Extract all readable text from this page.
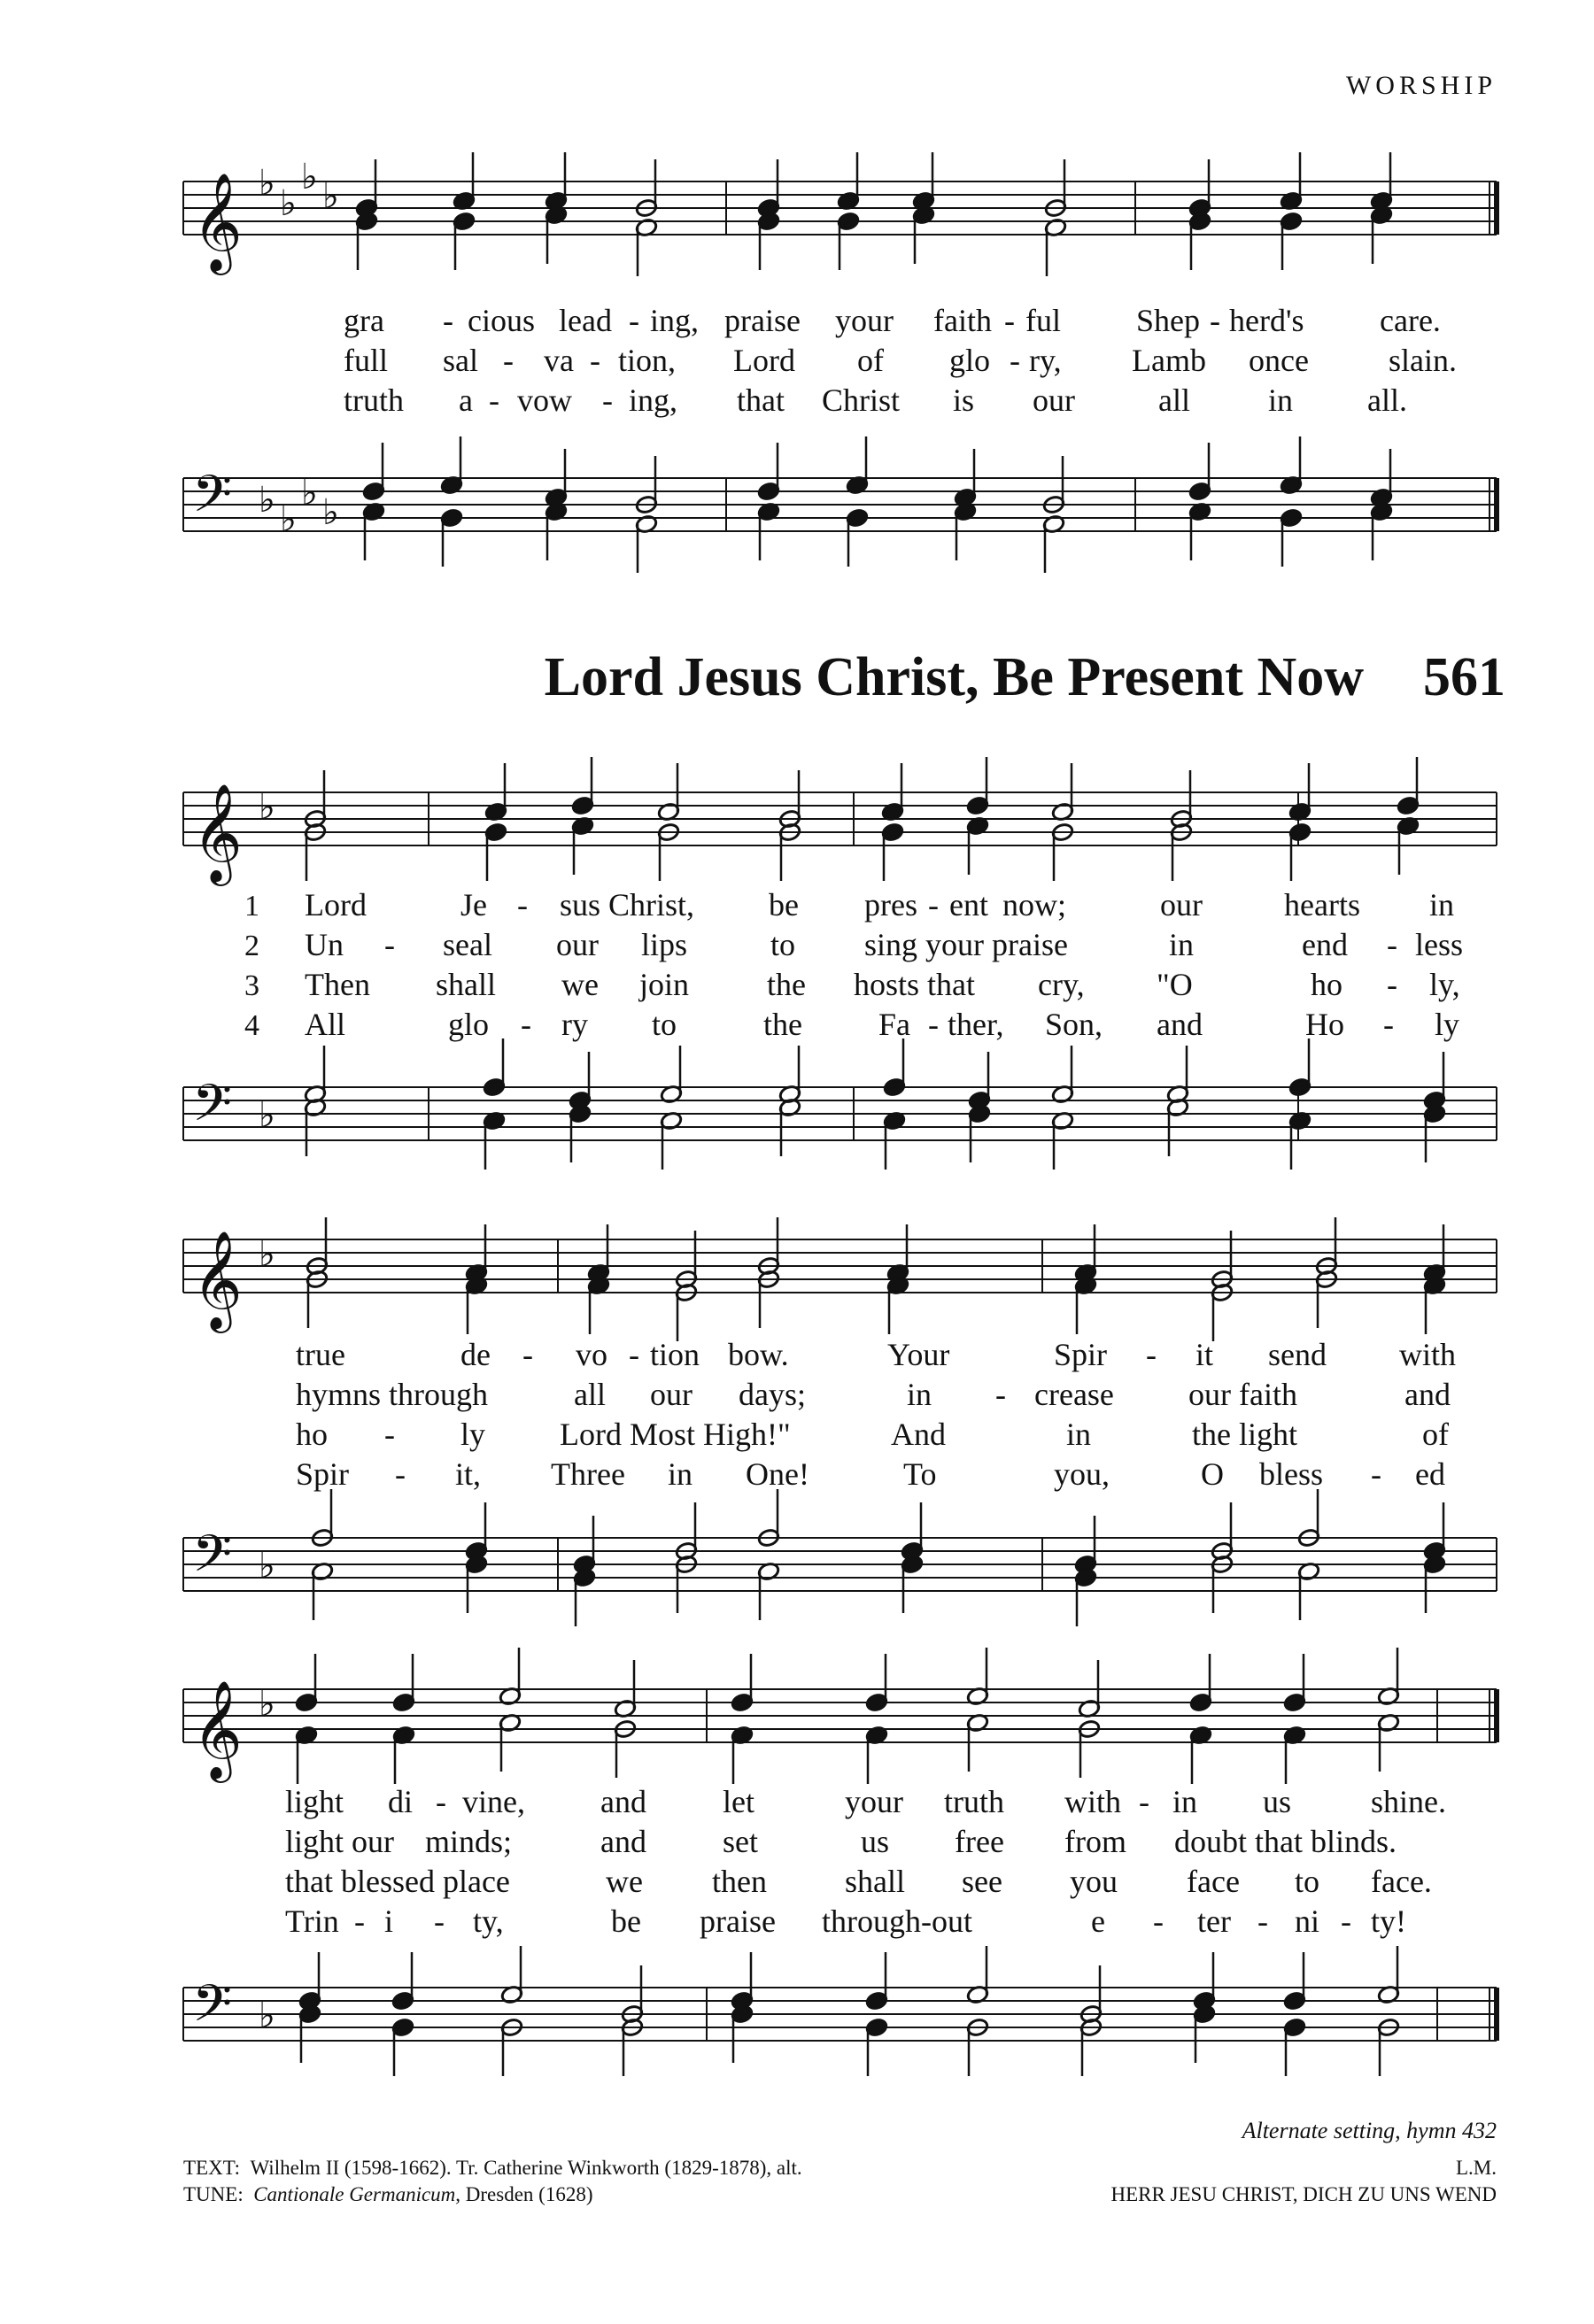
WORSHIP
𝄞 ♭ ♭
♭ ♭
𝄢 ♭ ♭
♭ ♭
𝄞 ♭
𝄢 ♭
𝄞 ♭
𝄢 ♭
𝄞 ♭
𝄢 ♭
gra - cious lead - ing, praise your faith - ful Shep - herd's care.
full sal - va - tion, Lord of glo - ry, Lamb once	slain.
truth a - vow - ing, that Christ is our	all in all.
Lord Jesus Christ, Be Present Now	561
1
2
3
4
Lord	Je - sus Christ, be pres - ent now;	our	hearts in
Un - seal our lips	to sing your praise	in	end - less
Then shall we join the hosts that cry, "O	ho - ly,
All	glo - ry to	the Fa - ther, Son, and	Ho - ly
true	de - vo - tion bow.	Your	Spir - it send with
hymns through	all our days;	in - crease our faith	and
ho - ly Lord Most High!"	And	in	the light	of
Spir - it, Three in One!	To	you,	O bless - ed
light di - vine, and let	your truth with - in us shine.
light our minds;	and set	us free from doubt that blinds.
that blessed place	we then shall see you face to face.
Trin - i - ty,	be praise through-out	e - ter - ni - ty!
Alternate setting, hymn 432
TEXT: Wilhelm II (1598-1662). Tr. Catherine Winkworth (1829-1878), alt.
TUNE: Cantionale Germanicum, Dresden (1628)
L.M.
HERR JESU CHRIST, DICH ZU UNS WEND
